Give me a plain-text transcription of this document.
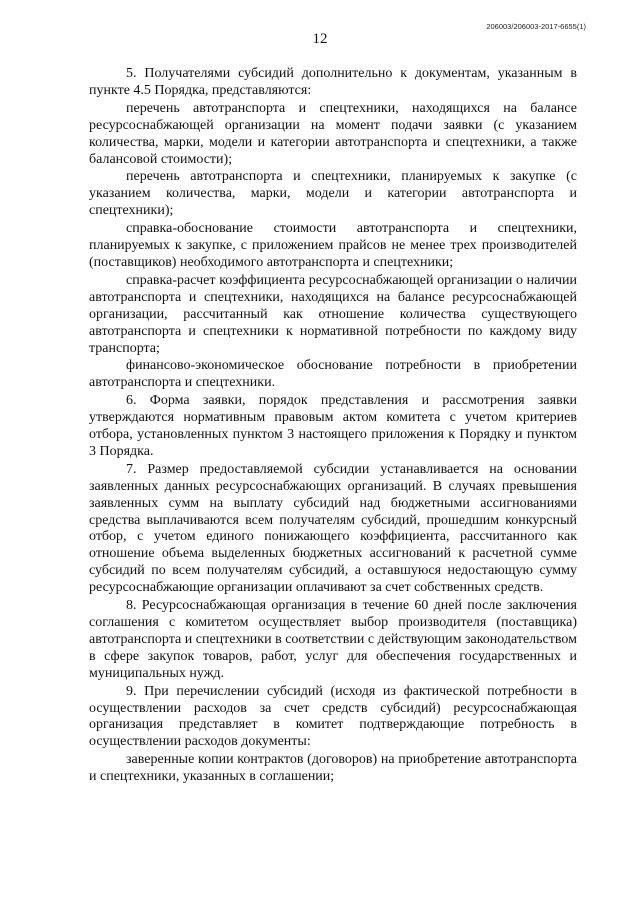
206003/206003-2017-6655(1)
12

5. Получателями субсидий дополнительно к документам, указанным в пункте 4.5 Порядка, представляются:

перечень автотранспорта и спецтехники, находящихся на балансе ресурсоснабжающей организации на момент подачи заявки (с указанием количества, марки, модели и категории автотранспорта и спецтехники, а также балансовой стоимости);

перечень автотранспорта и спецтехники, планируемых к закупке (с указанием количества, марки, модели и категории автотранспорта и спецтехники);

справка-обоснование стоимости автотранспорта и спецтехники, планируемых к закупке, с приложением прайсов не менее трех производителей (поставщиков) необходимого автотранспорта и спецтехники;

справка-расчет коэффициента ресурсоснабжающей организации о наличии автотранспорта и спецтехники, находящихся на балансе ресурсоснабжающей организации, рассчитанный как отношение количества существующего автотранспорта и спецтехники к нормативной потребности по каждому виду транспорта;

финансово-экономическое обоснование потребности в приобретении автотранспорта и спецтехники.

6. Форма заявки, порядок представления и рассмотрения заявки утверждаются нормативным правовым актом комитета с учетом критериев отбора, установленных пунктом 3 настоящего приложения к Порядку и пунктом 3 Порядка.

7. Размер предоставляемой субсидии устанавливается на основании заявленных данных ресурсоснабжающих организаций. В случаях превышения заявленных сумм на выплату субсидий над бюджетными ассигнованиями средства выплачиваются всем получателям субсидий, прошедшим конкурсный отбор, с учетом единого понижающего коэффициента, рассчитанного как отношение объема выделенных бюджетных ассигнований к расчетной сумме субсидий по всем получателям субсидий, а оставшуюся недостающую сумму ресурсоснабжающие организации оплачивают за счет собственных средств.

8. Ресурсоснабжающая организация в течение 60 дней после заключения соглашения с комитетом осуществляет выбор производителя (поставщика) автотранспорта и спецтехники в соответствии с действующим законодательством в сфере закупок товаров, работ, услуг для обеспечения государственных и муниципальных нужд.

9. При перечислении субсидий (исходя из фактической потребности в осуществлении расходов за счет средств субсидий) ресурсоснабжающая организация представляет в комитет подтверждающие потребность в осуществлении расходов документы:

заверенные копии контрактов (договоров) на приобретение автотранспорта и спецтехники, указанных в соглашении;
